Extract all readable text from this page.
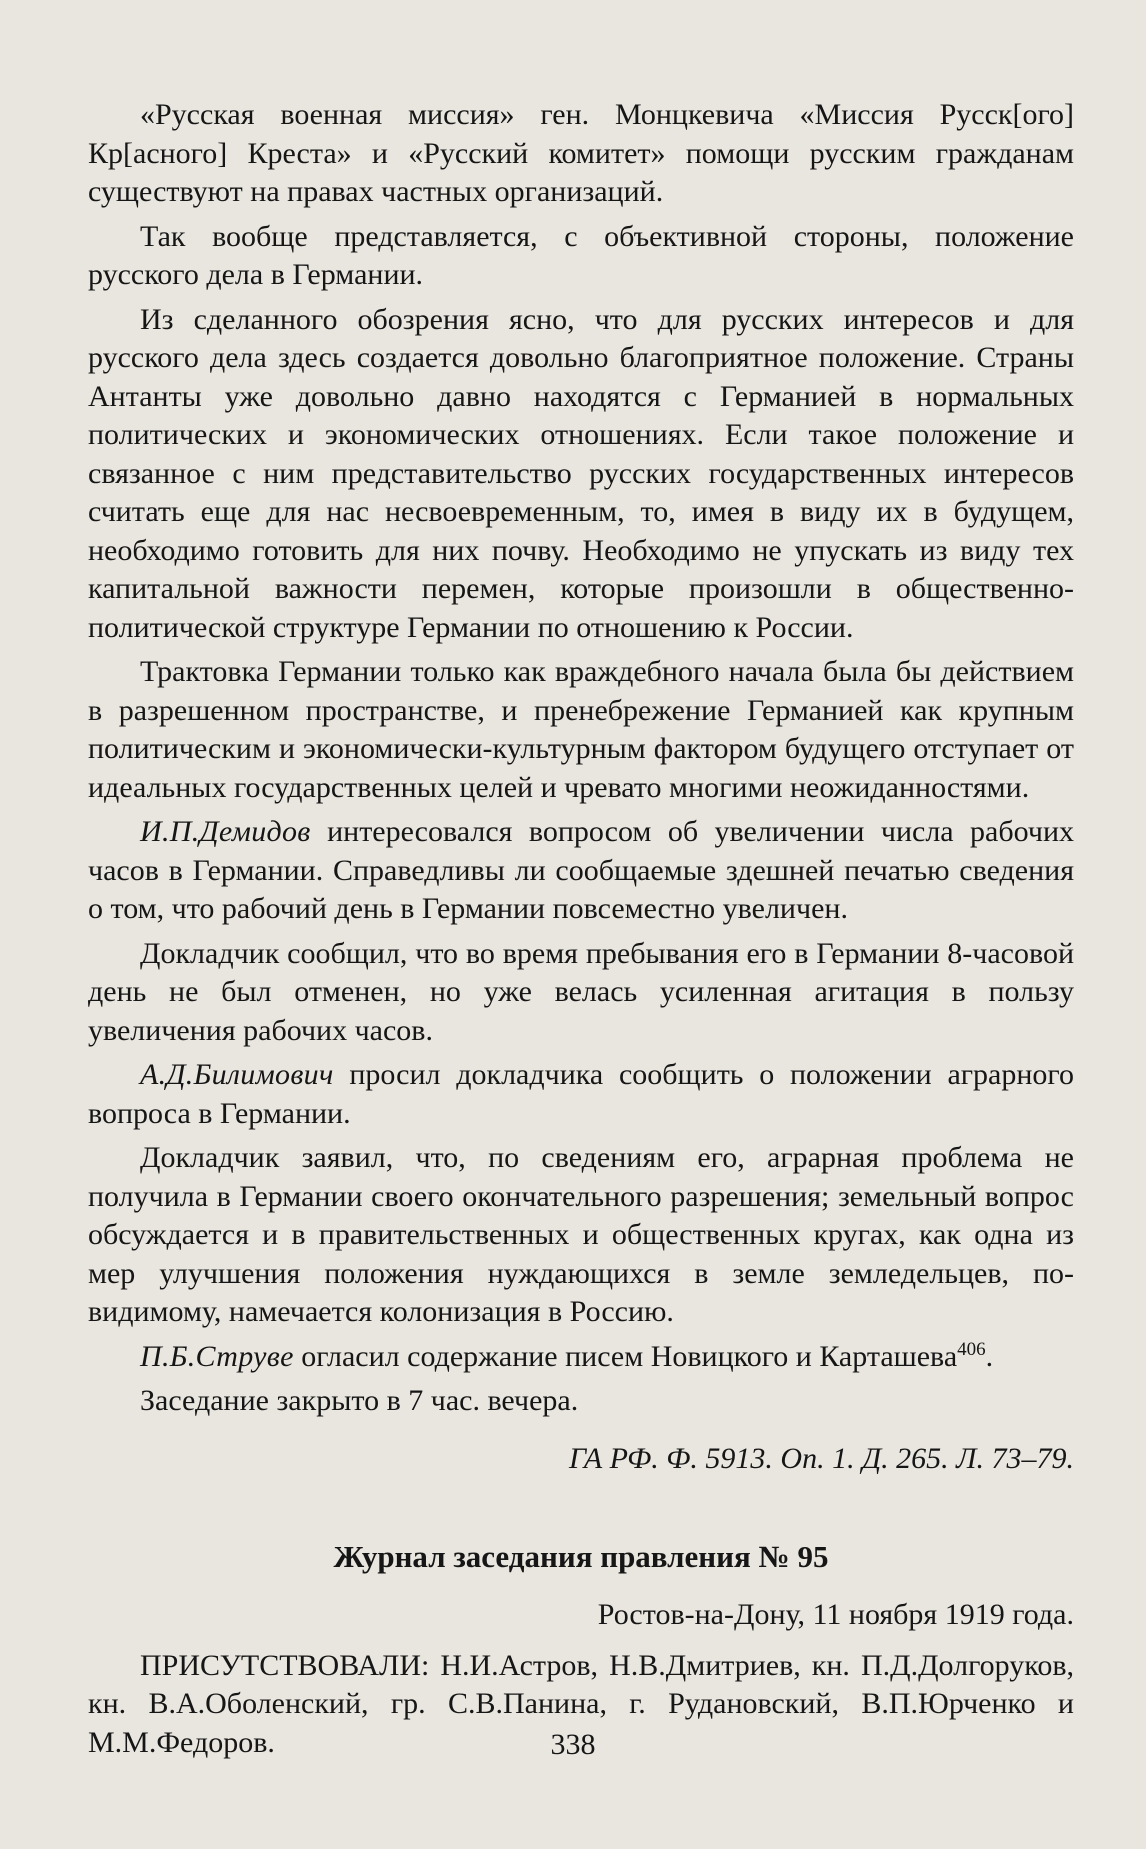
«Русская военная миссия» ген. Монцкевича «Миссия Русск[ого] Кр[асного] Креста» и «Русский комитет» помощи русским гражданам существуют на правах частных организаций.

Так вообще представляется, с объективной стороны, положение русского дела в Германии.

Из сделанного обозрения ясно, что для русских интересов и для русского дела здесь создается довольно благоприятное положение. Страны Антанты уже довольно давно находятся с Германией в нормальных политических и экономических отношениях. Если такое положение и связанное с ним представительство русских государственных интересов считать еще для нас несвоевременным, то, имея в виду их в будущем, необходимо готовить для них почву. Необходимо не упускать из виду тех капитальной важности перемен, которые произошли в общественно-политической структуре Германии по отношению к России.

Трактовка Германии только как враждебного начала была бы действием в разрешенном пространстве, и пренебрежение Германией как крупным политическим и экономически-культурным фактором будущего отступает от идеальных государственных целей и чревато многими неожиданностями.

И.П.Демидов интересовался вопросом об увеличении числа рабочих часов в Германии. Справедливы ли сообщаемые здешней печатью сведения о том, что рабочий день в Германии повсеместно увеличен.

Докладчик сообщил, что во время пребывания его в Германии 8-часовой день не был отменен, но уже велась усиленная агитация в пользу увеличения рабочих часов.

А.Д.Билимович просил докладчика сообщить о положении аграрного вопроса в Германии.

Докладчик заявил, что, по сведениям его, аграрная проблема не получила в Германии своего окончательного разрешения; земельный вопрос обсуждается и в правительственных и общественных кругах, как одна из мер улучшения положения нуждающихся в земле земледельцев, по-видимому, намечается колонизация в Россию.

П.Б.Струве огласил содержание писем Новицкого и Карташева$^{406}$.

Заседание закрыто в 7 час. вечера.

ГА РФ. Ф. 5913. Оп. 1. Д. 265. Л. 73–79.

Журнал заседания правления № 95

Ростов-на-Дону, 11 ноября 1919 года.

ПРИСУТСТВОВАЛИ: Н.И.Астров, Н.В.Дмитриев, кн. П.Д.Долгоруков, кн. В.А.Оболенский, гр. С.В.Панина, г. Рудановский, В.П.Юрченко и М.М.Федоров.	338
